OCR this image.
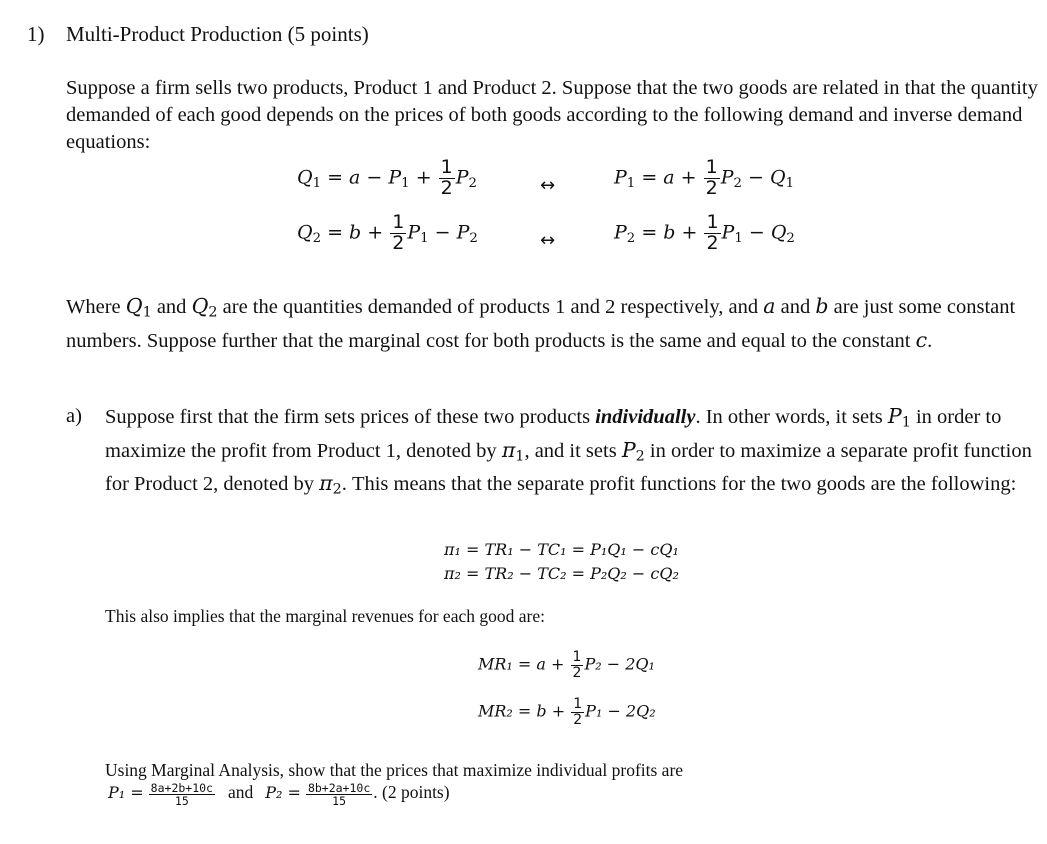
1) Multi-Product Production (5 points)
Suppose a firm sells two products, Product 1 and Product 2. Suppose that the two goods are related in that the quantity demanded of each good depends on the prices of both goods according to the following demand and inverse demand equations:
$Q_1 = a - P_1 + \frac{1}{2} P_2$	↔	$P_1 = a + \frac{1}{2} P_2 - Q_1$
$Q_2 = b + \frac{1}{2} P_1 - P_2$	↔	$P_2 = b + \frac{1}{2} P_1 - Q_2$
Where $Q_1$ and $Q_2$ are the quantities demanded of products 1 and 2 respectively, and a and b are just some constant numbers. Suppose further that the marginal cost for both products is the same and equal to the constant c.
a) Suppose first that the firm sets prices of these two products individually. In other words, it sets $P_1$ in order to maximize the profit from Product 1, denoted by $\pi_1$, and it sets $P_2$ in order to maximize a separate profit function for Product 2, denoted by $\pi_2$. This means that the separate profit functions for the two goods are the following:
π₁ = TR₁ − TC₁ = P₁Q₁ − cQ₁
π₂ = TR₂ − TC₂ = P₂Q₂ − cQ₂
This also implies that the marginal revenues for each good are:
$MR_1 = a + \frac{1}{2} P_2 - 2Q_1$
$MR_2 = b + \frac{1}{2} P_1 - 2Q_2$
Using Marginal Analysis, show that the prices that maximize individual profits are
$P_1 = \frac{8a+2b+10c}{15}$ and $P_2 = \frac{8b+2a+10c}{15}$ . (2 points)
